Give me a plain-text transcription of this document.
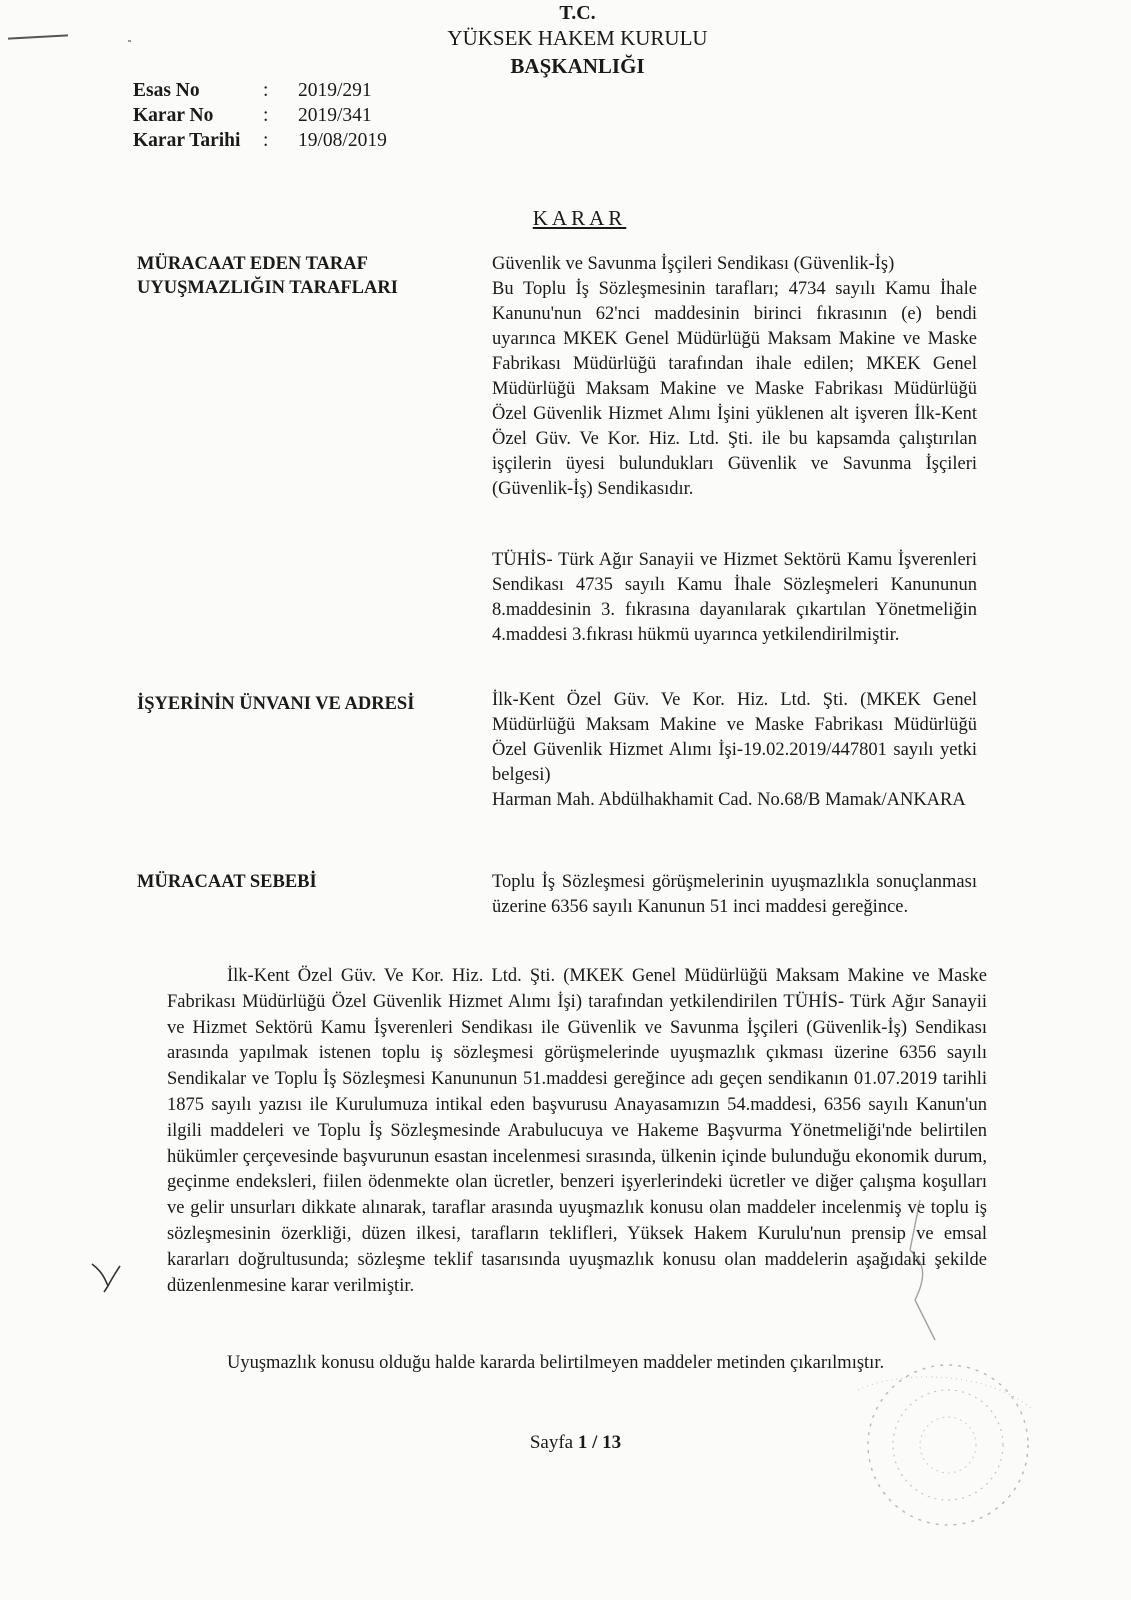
T.C.
YÜKSEK HAKEM KURULU
BAŞKANLIĞI
Esas No	:	2019/291
Karar No	:	2019/341
Karar Tarihi	:	19/08/2019
KARAR
MÜRACAAT EDEN TARAF
UYUŞMAZLIĞIN TARAFLARI
Güvenlik ve Savunma İşçileri Sendikası (Güvenlik-İş)
Bu Toplu İş Sözleşmesinin tarafları; 4734 sayılı Kamu İhale Kanunu'nun 62'nci maddesinin birinci fıkrasının (e) bendi uyarınca MKEK Genel Müdürlüğü Maksam Makine ve Maske Fabrikası Müdürlüğü tarafından ihale edilen; MKEK Genel Müdürlüğü Maksam Makine ve Maske Fabrikası Müdürlüğü Özel Güvenlik Hizmet Alımı İşini yüklenen alt işveren İlk-Kent Özel Güv. Ve Kor. Hiz. Ltd. Şti. ile bu kapsamda çalıştırılan işçilerin üyesi bulundukları Güvenlik ve Savunma İşçileri (Güvenlik-İş) Sendikasıdır.
TÜHİS- Türk Ağır Sanayii ve Hizmet Sektörü Kamu İşverenleri Sendikası 4735 sayılı Kamu İhale Sözleşmeleri Kanununun 8.maddesinin 3. fıkrasına dayanılarak çıkartılan Yönetmeliğin 4.maddesi 3.fıkrası hükmü uyarınca yetkilendirilmiştir.
İŞYERİNİN ÜNVANI VE ADRESİ	İlk-Kent Özel Güv. Ve Kor. Hiz. Ltd. Şti. (MKEK Genel Müdürlüğü Maksam Makine ve Maske Fabrikası Müdürlüğü Özel Güvenlik Hizmet Alımı İşi-19.02.2019/447801 sayılı yetki belgesi)
Harman Mah. Abdülhakhamit Cad. No.68/B Mamak/ANKARA
MÜRACAAT SEBEBİ	Toplu İş Sözleşmesi görüşmelerinin uyuşmazlıkla sonuçlanması üzerine 6356 sayılı Kanunun 51 inci maddesi gereğince.
İlk-Kent Özel Güv. Ve Kor. Hiz. Ltd. Şti. (MKEK Genel Müdürlüğü Maksam Makine ve Maske Fabrikası Müdürlüğü Özel Güvenlik Hizmet Alımı İşi) tarafından yetkilendirilen TÜHİS- Türk Ağır Sanayii ve Hizmet Sektörü Kamu İşverenleri Sendikası ile Güvenlik ve Savunma İşçileri (Güvenlik-İş) Sendikası arasında yapılmak istenen toplu iş sözleşmesi görüşmelerinde uyuşmazlık çıkması üzerine 6356 sayılı Sendikalar ve Toplu İş Sözleşmesi Kanununun 51.maddesi gereğince adı geçen sendikanın 01.07.2019 tarihli 1875 sayılı yazısı ile Kurulumuza intikal eden başvurusu Anayasamızın 54.maddesi, 6356 sayılı Kanun'un ilgili maddeleri ve Toplu İş Sözleşmesinde Arabulucuya ve Hakeme Başvurma Yönetmeliği'nde belirtilen hükümler çerçevesinde başvurunun esastan incelenmesi sırasında, ülkenin içinde bulunduğu ekonomik durum, geçinme endeksleri, fiilen ödenmekte olan ücretler, benzeri işyerlerindeki ücretler ve diğer çalışma koşulları ve gelir unsurları dikkate alınarak, taraflar arasında uyuşmazlık konusu olan maddeler incelenmiş ve toplu iş sözleşmesinin özerkliği, düzen ilkesi, tarafların teklifleri, Yüksek Hakem Kurulu'nun prensip ve emsal kararları doğrultusunda; sözleşme teklif tasarısında uyuşmazlık konusu olan maddelerin aşağıdaki şekilde düzenlenmesine karar verilmiştir.
Uyuşmazlık konusu olduğu halde kararda belirtilmeyen maddeler metinden çıkarılmıştır.
Sayfa 1 / 13
